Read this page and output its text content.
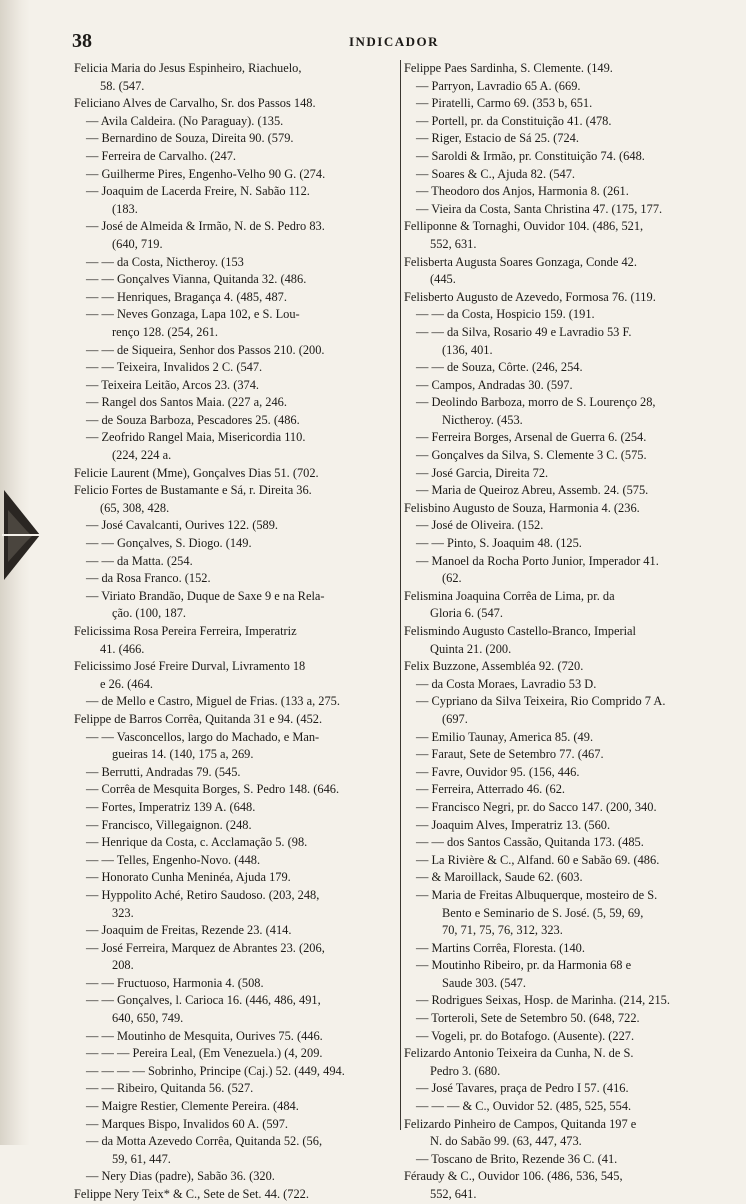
38	INDICADOR
Felicia Maria do Jesus Espinheiro, Riachuelo,
58. (547.
Feliciano Alves de Carvalho, Sr. dos Passos 148.
— Avila Caldeira. (No Paraguay). (135.
— Bernardino de Souza, Direita 90. (579.
— Ferreira de Carvalho. (247.
— Guilherme Pires, Engenho-Velho 90 G. (274.
— Joaquim de Lacerda Freire, N. Sabão 112.
(183.
— José de Almeida & Irmão, N. de S. Pedro 83.
(640, 719.
— — da Costa, Nictheroy. (153
— — Gonçalves Vianna, Quitanda 32. (486.
— — Henriques, Bragança 4. (485, 487.
— — Neves Gonzaga, Lapa 102, e S. Lou-
renço 128. (254, 261.
— — de Siqueira, Senhor dos Passos 210. (200.
— — Teixeira, Invalidos 2 C. (547.
— Teixeira Leitão, Arcos 23. (374.
— Rangel dos Santos Maia. (227 a, 246.
— de Souza Barboza, Pescadores 25. (486.
— Zeofrido Rangel Maia, Misericordia 110.
(224, 224 a.
Felicie Laurent (Mme), Gonçalves Dias 51. (702.
Felicio Fortes de Bustamante e Sá, r. Direita 36.
(65, 308, 428.
— José Cavalcanti, Ourives 122. (589.
— — Gonçalves, S. Diogo. (149.
— — da Matta. (254.
— da Rosa Franco. (152.
— Viriato Brandão, Duque de Saxe 9 e na Rela-
ção. (100, 187.
Felicissima Rosa Pereira Ferreira, Imperatriz
41. (466.
Felicissimo José Freire Durval, Livramento 18
e 26. (464.
— de Mello e Castro, Miguel de Frias. (133 a, 275.
Felippe de Barros Corrêa, Quitanda 31 e 94. (452.
— — Vasconcellos, largo do Machado, e Man-
gueiras 14. (140, 175 a, 269.
— Berrutti, Andradas 79. (545.
— Corrêa de Mesquita Borges, S. Pedro 148. (646.
— Fortes, Imperatriz 139 A. (648.
— Francisco, Villegaignon. (248.
— Henrique da Costa, c. Acclamação 5. (98.
— — Telles, Engenho-Novo. (448.
— Honorato Cunha Meninéa, Ajuda 179.
— Hyppolito Aché, Retiro Saudoso. (203, 248,
323.
— Joaquim de Freitas, Rezende 23. (414.
— José Ferreira, Marquez de Abrantes 23. (206,
208.
— — Fructuoso, Harmonia 4. (508.
— — Gonçalves, l. Carioca 16. (446, 486, 491,
640, 650, 749.
— — Moutinho de Mesquita, Ourives 75. (446.
— — — Pereira Leal, (Em Venezuela.) (4, 209.
— — — — Sobrinho, Principe (Caj.) 52. (449, 494.
— — Ribeiro, Quitanda 56. (527.
— Maigre Restier, Clemente Pereira. (484.
— Marques Bispo, Invalidos 60 A. (597.
— da Motta Azevedo Corrêa, Quitanda 52. (56,
59, 61, 447.
— Nery Dias (padre), Sabão 36. (320.
Felippe Nery Teix* & C., Sete de Set. 44. (722.
Felippe Paes Sardinha, S. Clemente. (149.
— Parryon, Lavradio 65 A. (669.
— Piratelli, Carmo 69. (353 b, 651.
— Portell, pr. da Constituição 41. (478.
— Riger, Estacio de Sá 25. (724.
— Saroldi & Irmão, pr. Constituição 74. (648.
— Soares & C., Ajuda 82. (547.
— Theodoro dos Anjos, Harmonia 8. (261.
— Vieira da Costa, Santa Christina 47. (175, 177.
Felliponne & Tornaghi, Ouvidor 104. (486, 521,
552, 631.
Felisberta Augusta Soares Gonzaga, Conde 42.
(445.
Felisberto Augusto de Azevedo, Formosa 76. (119.
— — da Costa, Hospicio 159. (191.
— — da Silva, Rosario 49 e Lavradio 53 F.
(136, 401.
— — de Souza, Côrte. (246, 254.
— Campos, Andradas 30. (597.
— Deolindo Barboza, morro de S. Lourenço 28,
Nictheroy. (453.
— Ferreira Borges, Arsenal de Guerra 6. (254.
— Gonçalves da Silva, S. Clemente 3 C. (575.
— José Garcia, Direita 72.
— Maria de Queiroz Abreu, Assemb. 24. (575.
Felisbino Augusto de Souza, Harmonia 4. (236.
— José de Oliveira. (152.
— — Pinto, S. Joaquim 48. (125.
— Manoel da Rocha Porto Junior, Imperador 41.
(62.
Felismina Joaquina Corrêa de Lima, pr. da
Gloria 6. (547.
Felismindo Augusto Castello-Branco, Imperial
Quinta 21. (200.
Felix Buzzone, Assembléa 92. (720.
— da Costa Moraes, Lavradio 53 D.
— Cypriano da Silva Teixeira, Rio Comprido 7 A.
(697.
— Emilio Taunay, America 85. (49.
— Faraut, Sete de Setembro 77. (467.
— Favre, Ouvidor 95. (156, 446.
— Ferreira, Atterrado 46. (62.
— Francisco Negri, pr. do Sacco 147. (200, 340.
— Joaquim Alves, Imperatriz 13. (560.
— — dos Santos Cassão, Quitanda 173. (485.
— La Rivière & C., Alfand. 60 e Sabão 69. (486.
— & Maroillack, Saude 62. (603.
— Maria de Freitas Albuquerque, mosteiro de S.
Bento e Seminario de S. José. (5, 59, 69,
70, 71, 75, 76, 312, 323.
— Martins Corrêa, Floresta. (140.
— Moutinho Ribeiro, pr. da Harmonia 68 e
Saude 303. (547.
— Rodrigues Seixas, Hosp. de Marinha. (214, 215.
— Torteroli, Sete de Setembro 50. (648, 722.
— Vogeli, pr. do Botafogo. (Ausente). (227.
Felizardo Antonio Teixeira da Cunha, N. de S.
Pedro 3. (680.
— José Tavares, praça de Pedro I 57. (416.
— — — & C., Ouvidor 52. (485, 525, 554.
Felizardo Pinheiro de Campos, Quitanda 197 e
N. do Sabão 99. (63, 447, 473.
— Toscano de Brito, Rezende 36 C. (41.
Féraudy & C., Ouvidor 106. (486, 536, 545,
552, 641.
